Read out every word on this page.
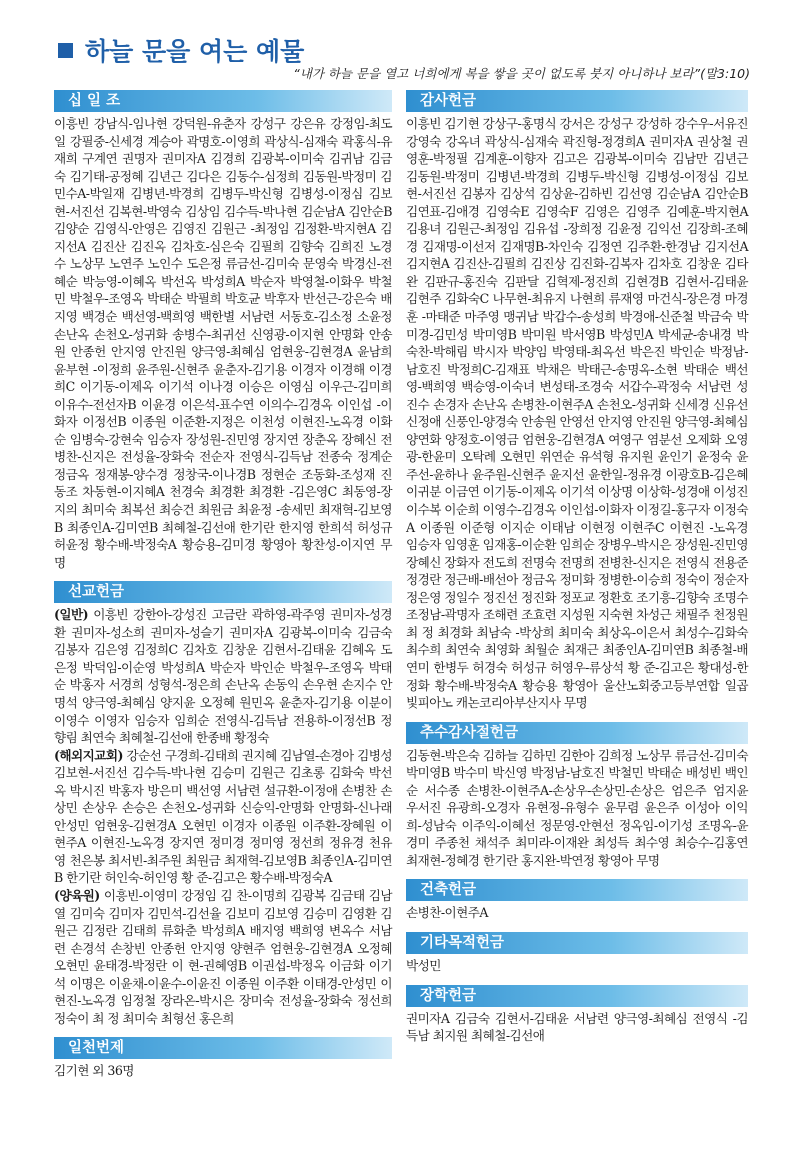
하늘 문을 여는 예물
“내가 하늘 문을 열고 너희에게 복을 쌓을 곳이 없도록 붓지 아니하나 보라”(말3:10)
십 일 조
이흥빈 강남식-임나현 강덕원-유춘자 강성구 강은유 강정임-최도일 강필중-신세경 계승아 곽명호-이영희 곽상식-심재숙 곽홍식-유재희 구계연 권명자 권미자A 김경희 김광복-이미숙 김귀남 김금숙 김기태-공정혜 김년근 김다은 김동수-심정희 김동원-박정미 김민수A-박일재 김병년-박경희 김병두-박신형 김병성-이정심 김보현-서진선 김복현-박영숙 김상임 김수득-박나현 김순남A 김안순B 김양순 김영식-안영은 김영진 김원근 -최정임 김정환-박지현A 김지선A 김진산 김진옥 김차호-심은숙 김필희 김향숙 김희진 노경수 노상무 노연주 노인수 도은정 류금선-김미숙 문영숙 박경신-전혜순 박능영-이혜옥 박선옥 박성희A 박순자 박영철-이화우 박철민 박철우-조영옥 박태순 박필희 박호균 박후자 반선근-강은숙 배지영 백경순 백선영-백희영 백한별 서남련 서동호-김소정 소윤정 손난옥 손천오-성귀화 송병수-최귀선 신영광-이지현 안명화 안송원 안종헌 안지영 안진원 양극영-최혜심 엄현웅-김현경A 윤남희 윤부현 -이정희 윤주원-신현주 윤춘자-김기용 이경자 이경해 이경희C 이기동-이제옥 이기석 이나경 이승은 이영심 이우근-김미희 이유수-전선자B 이윤경 이은석-표수연 이의수-김경옥 이인섭 -이화자 이정선B 이종원 이준환-지정은 이천성 이현진-노옥경 이화순 임병숙-강현숙 임승자 장성원-진민영 장지연 장춘옥 장혜신 전병찬-신지은 전성율-장화숙 전순자 전영식-김득남 전종숙 정계순 정금옥 정재봉-양수경 정창국-이나경B 정현순 조동화-조성재 진동조 차동현-이지혜A 천경숙 최경환 최경환 -김은영C 최동영-장지의 최미숙 최복선 최승건 최원금 최윤정 -송세민 최재혁-김보영B 최종인A-김미연B 최혜철-김선애 한기란 한지영 한희석 허성규 허윤정 황수배-박정숙A 황승용-김미경 황영아 황찬성-이지연 무명
선교헌금

(일반) 이흥빈 강한아-강성진 고금란 곽하영-곽주영 권미자-성경환 권미자-성소희 권미자-성슬기 권미자A 김광복-이미숙 김금숙 김봉자 김은영 김정희C 김차호 김창운 김현서-김태윤 김혜옥 도은정 박덕임-이순영 박성희A 박순자 박인순 박철우-조영옥 박태순 박홍자 서경희 성형석-정은희 손난옥 손동익 손우현 손지수 안명석 양극영-최혜심 양지윤 오정혜 원민옥 윤춘자-김기용 이분이 이영수 이영자 임승자 임희순 전영식-김득남 전용하-이정선B 정향림 최연숙 최혜철-김선애 한종배 황정숙

(해외지교회) 강순선 구경희-김태희 권지혜 김남열-손경아 김병성 김보현-서진선 김수득-박나현 김승미 김원근 김초롱 김화숙 박선옥 박시진 박홍자 방은미 백선영 서남련 설규환-이정애 손병찬 손상민 손상우 손승은 손천오-성귀화 신승익-안명화 안명화-신나래 안성민 엄현웅-김현경A 오현민 이경자 이종원 이주환-장혜원 이현주A 이현진-노옥경 장지연 정미경 정미영 정선희 정유경 천유영 천은봉 최서빈-최주원 최원금 최재혁-김보영B 최종인A-김미연B 한기란 허인숙-허인영 황 준-김고은 황수배-박정숙A

(양육원) 이흥빈-이영미 강정임 김 찬-이명희 김광복 김금태 김남열 김미숙 김미자 김민석-김선율 김보미 김보영 김승미 김영환 김원근 김정란 김태희 류화춘 박성희A 배지영 백희영 변옥수 서남련 손경석 손창빈 안종헌 안지영 양현주 엄현웅-김현경A 오정혜 오현민 윤태경-박정란 이 현-권혜영B 이권섭-박정옥 이금화 이기석 이명은 이윤채-이윤수-이윤진 이종원 이주환 이태경-안성민 이현진-노옥경 임정철 장라온-박시은 장미숙 전성율-장화숙 정선희 정숙이 최 정 최미숙 최형선 홍은희

일천번제
김기현 외 36명
감사헌금
이흥빈 김기현 강상구-홍명식 강서은 강성구 강성하 강수우-서유진 강영숙 강옥녀 곽상식-심재숙 곽진형-정경희A 권미자A 권상철 권영훈-박정필 김계훈-이향자 김고은 김광복-이미숙 김남만 김년근 김동원-박정미 김병년-박경희 김병두-박신형 김병성-이정심 김보현-서진선 김봉자 김상석 김상윤-김하빈 김선영 김순남A 김안순B 김연표-김애경 김영숙E 김영숙F 김영은 김영주 김예훈-박지현A 김용녀 김원근-최정임 김유섭 -장희정 김윤정 김익선 김장희-조혜경 김재명-이선저 김재명B-차인숙 김정연 김주환-한경남 김지선A 김지현A 김진산-김필희 김진상 김진화-김복자 김차호 김창운 김타완 김판규-홍진숙 김판달 김혁제-정진희 김현경B 김현서-김태윤 김현주 김화숙C 나무현-최유지 나현희 류재영 마건식-장은경 마경훈 -마태준 마주영 맹귀남 박갑수-송성희 박경애-신준철 박금숙 박미경-김민성 박미영B 박미원 박서영B 박성민A 박세균-송내경 박숙찬-박해림 박시자 박양임 박영태-최옥선 박은진 박인순 박정남-남호진 박정희C-김재표 박채은 박태근-송명옥-소현 박태순 백선영-백희영 백승영-이숙녀 변성태-조경숙 서갑수-곽정숙 서남련 성진수 손경자 손난옥 손병찬-이현주A 손천오-성귀화 신세경 신유선 신정애 신풍인-양경숙 안송원 안영선 안지영 안진원 양극영-최혜심 양연화 양정호-이영금 엄현웅-김현경A 여영구 염분선 오제화 오영광-한윤미 오탁례 오현민 위연순 유석형 유지원 윤인기 윤정숙 윤주선-윤하나 윤주원-신현주 윤지선 윤한일-정유경 이광호B-김은혜 이귀분 이금연 이기동-이제옥 이기석 이상명 이상학-성경애 이성진 이수복 이순희 이영수-김경옥 이인섭-이화자 이정길-홍구자 이정숙A 이종원 이준형 이지순 이태남 이현정 이현주C 이현진 -노옥경 임승자 임영훈 임재홍-이순환 임희순 장병우-박시은 장성원-진민영 장혜신 장화자 전도희 전명숙 전명희 전병찬-신지은 전영식 전용준 정경란 정근배-배선아 정금옥 정미화 정병한-이승희 정숙이 정순자 정은영 정일수 정진선 정진화 정포교 정환호 조기흥-김향숙 조명수 조정남-곽명자 조해련 조효련 지성원 지숙현 차성근 채필주 천정원 최 정 최경화 최남숙 -박상희 최미숙 최상옥-이은서 최성수-김화숙 최수희 최연숙 최영화 최월순 최재근 최종인A-김미연B 최종철-배연미 한병두 허경숙 허성규 허영우-류상석 황 준-김고은 황대성-한정화 황수배-박정숙A 황승용 황영아 울산노회중고등부연합 일곱빛피아노 캐논코리아부산지사 무명
추수감사절헌금
김동현-박은숙 김하늘 김하민 김한아 김희정 노상무 류금선-김미숙 박미영B 박수미 박신영 박정남-남호진 박철민 박태순 배성빈 백인순 서수종 손병찬-이현주A-손상우-손상민-손상은 엄은주 엄지윤 우서진 유광희-오경자 유현정-유형수 윤무렴 윤은주 이성아 이익희-성남숙 이주익-이혜선 정문영-안현선 정옥임-이기성 조명옥-윤경미 주종천 채석주 최미라-이재완 최성득 최수영 최승수-김홍연 최재현-정혜경 한기란 홍지완-박연정 황영아 무명
건축헌금
손병찬-이현주A
기타목적헌금
박성민
장학헌금
권미자A 김금숙 김현서-김태윤 서남련 양극영-최혜심 전영식 -김득남 최지원 최혜철-김선애
